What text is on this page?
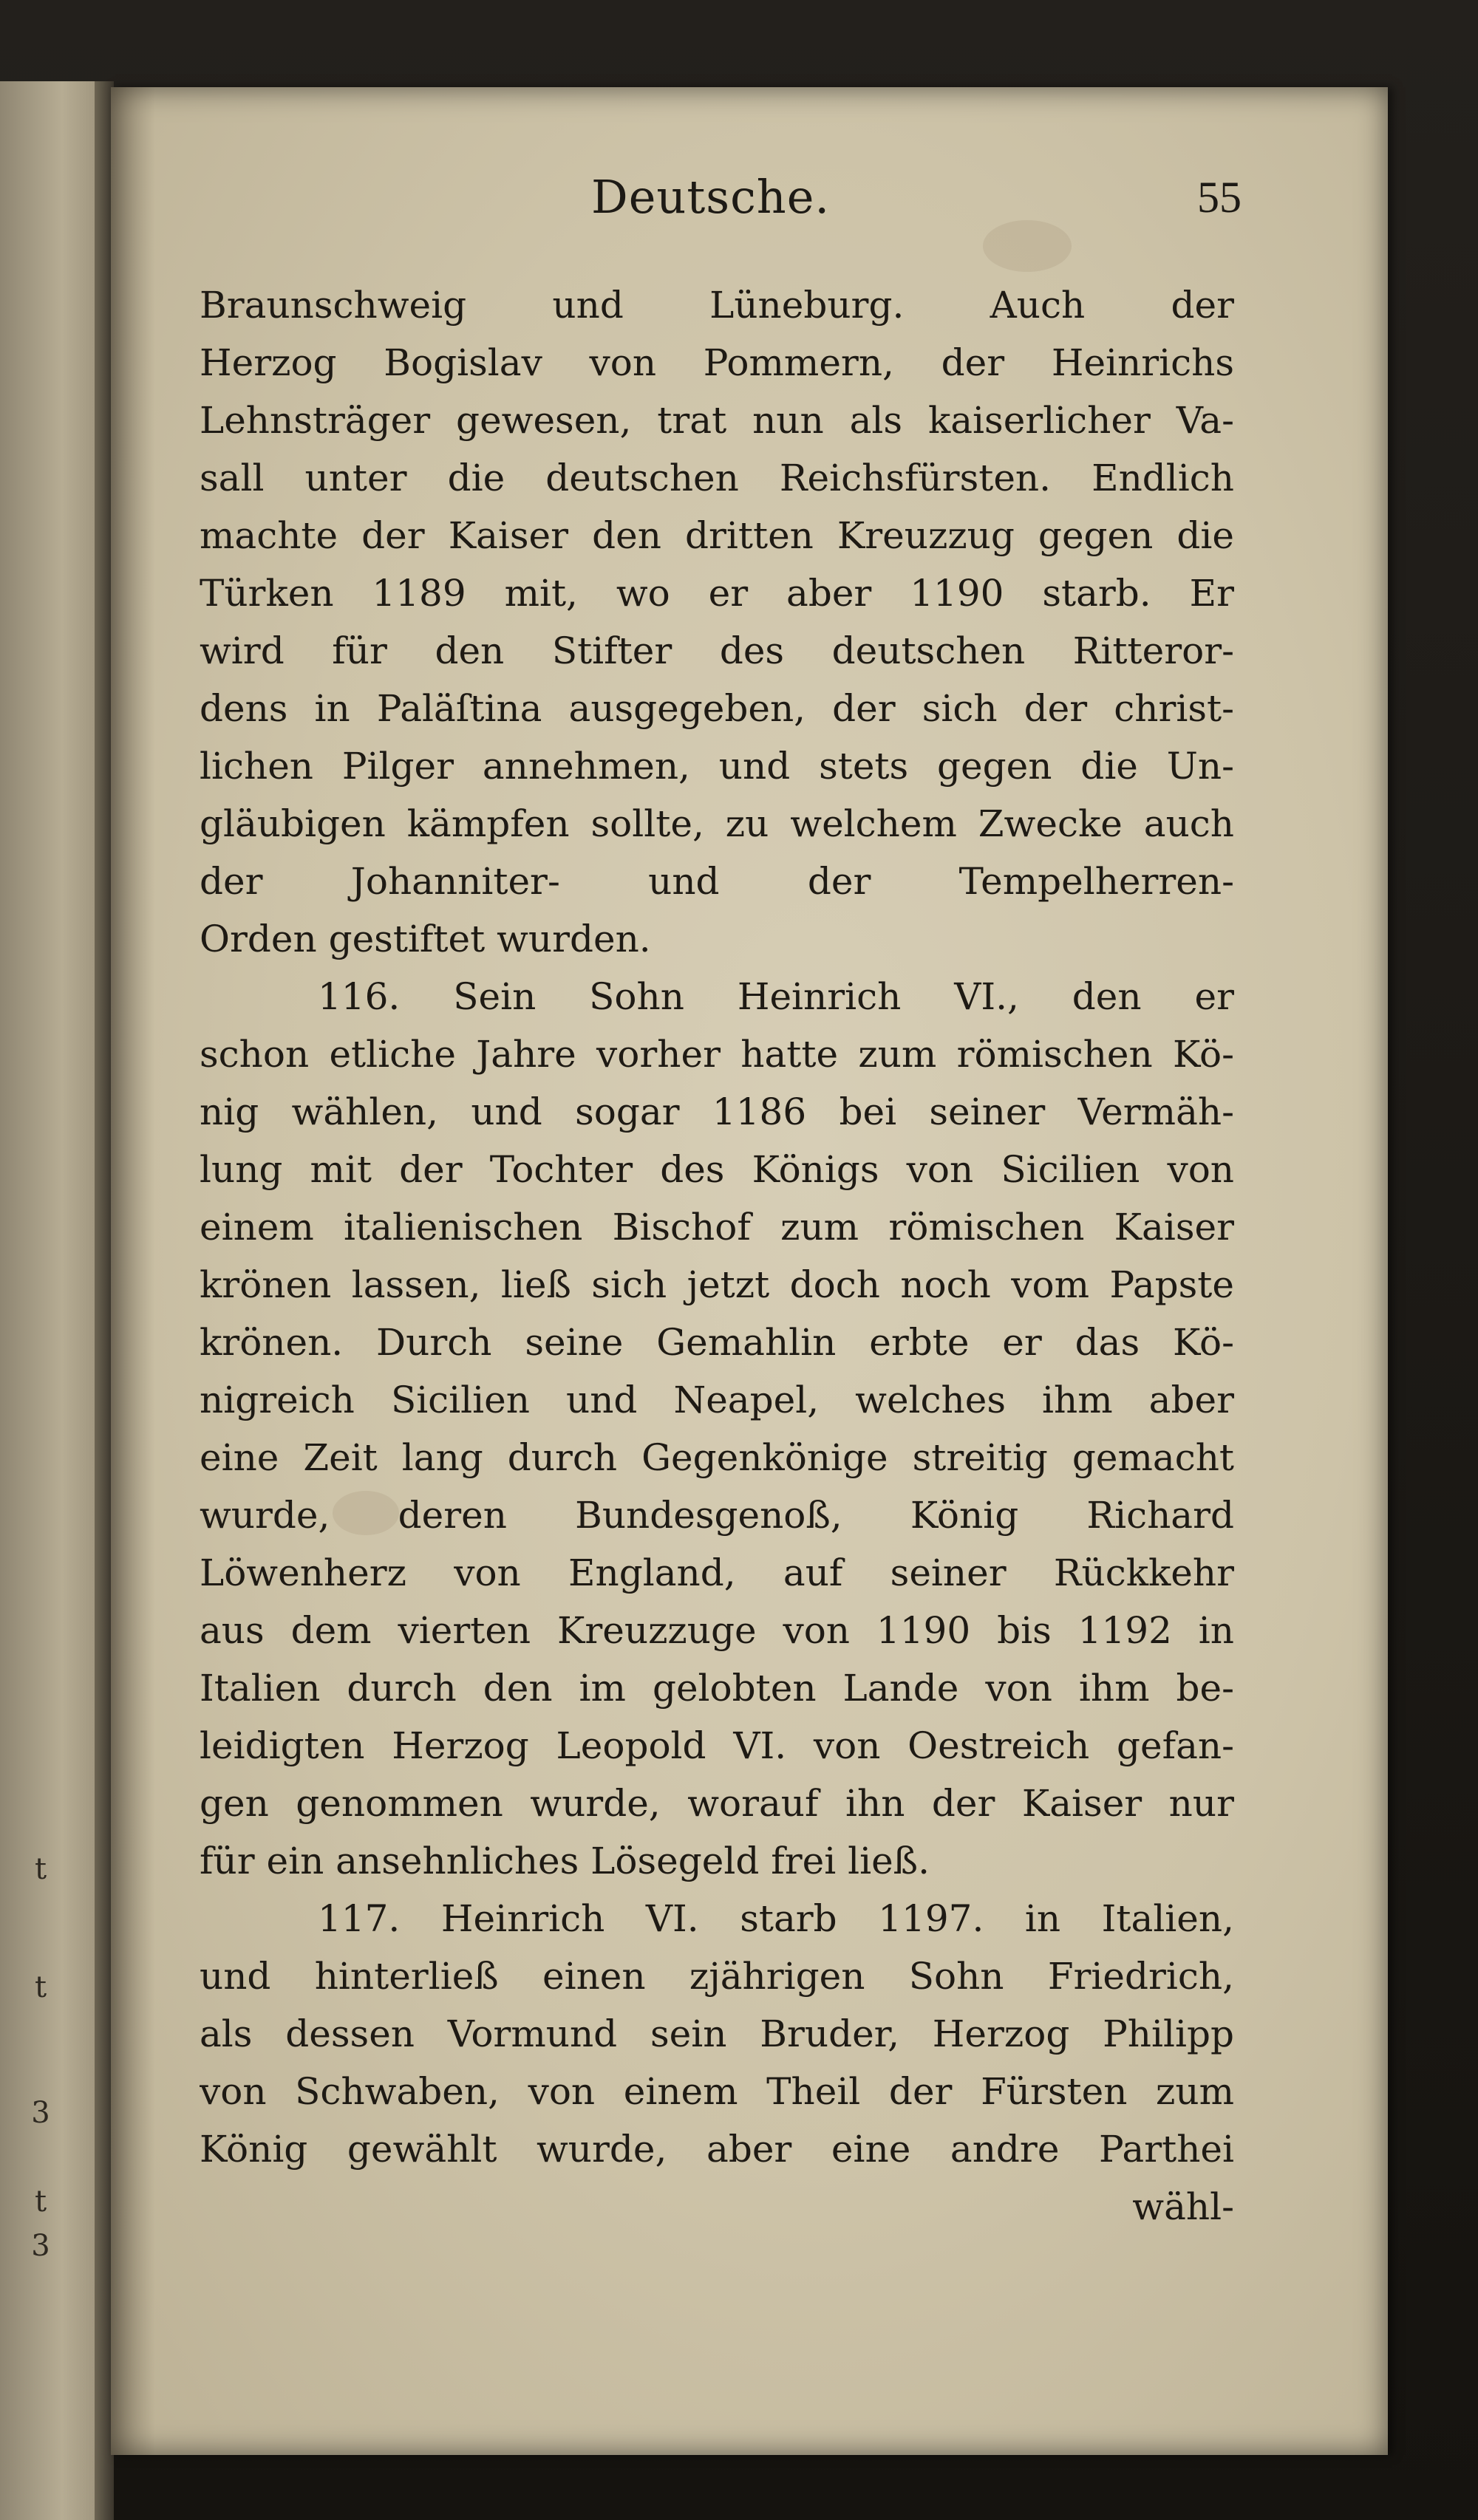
t
t
3
t
3
Deutsche.	55
Braunschweig und Lüneburg. Auch der
Herzog Bogislav von Pommern, der Heinrichs
Lehnsträger gewesen, trat nun als kaiserlicher Va-
sall unter die deutschen Reichsfürsten. Endlich
machte der Kaiser den dritten Kreuzzug gegen die
Türken 1189 mit, wo er aber 1190 starb. Er
wird für den Stifter des deutschen Ritteror-
dens in Paläſtina ausgegeben, der sich der christ-
lichen Pilger annehmen, und stets gegen die Un-
gläubigen kämpfen sollte, zu welchem Zwecke auch
der Johanniter- und der Tempelherren-
Orden gestiftet wurden.
116. Sein Sohn Heinrich VI., den er
schon etliche Jahre vorher hatte zum römischen Kö-
nig wählen, und sogar 1186 bei seiner Vermäh-
lung mit der Tochter des Königs von Sicilien von
einem italienischen Bischof zum römischen Kaiser
krönen lassen, ließ sich jetzt doch noch vom Papste
krönen. Durch seine Gemahlin erbte er das Kö-
nigreich Sicilien und Neapel, welches ihm aber
eine Zeit lang durch Gegenkönige streitig gemacht
wurde, deren Bundesgenoß, König Richard
Löwenherz von England, auf seiner Rückkehr
aus dem vierten Kreuzzuge von 1190 bis 1192 in
Italien durch den im gelobten Lande von ihm be-
leidigten Herzog Leopold VI. von Oestreich gefan-
gen genommen wurde, worauf ihn der Kaiser nur
für ein ansehnliches Lösegeld frei ließ.
117. Heinrich VI. starb 1197. in Italien,
und hinterließ einen zjährigen Sohn Friedrich,
als dessen Vormund sein Bruder, Herzog Philipp
von Schwaben, von einem Theil der Fürsten zum
König gewählt wurde, aber eine andre Parthei
wähl-
